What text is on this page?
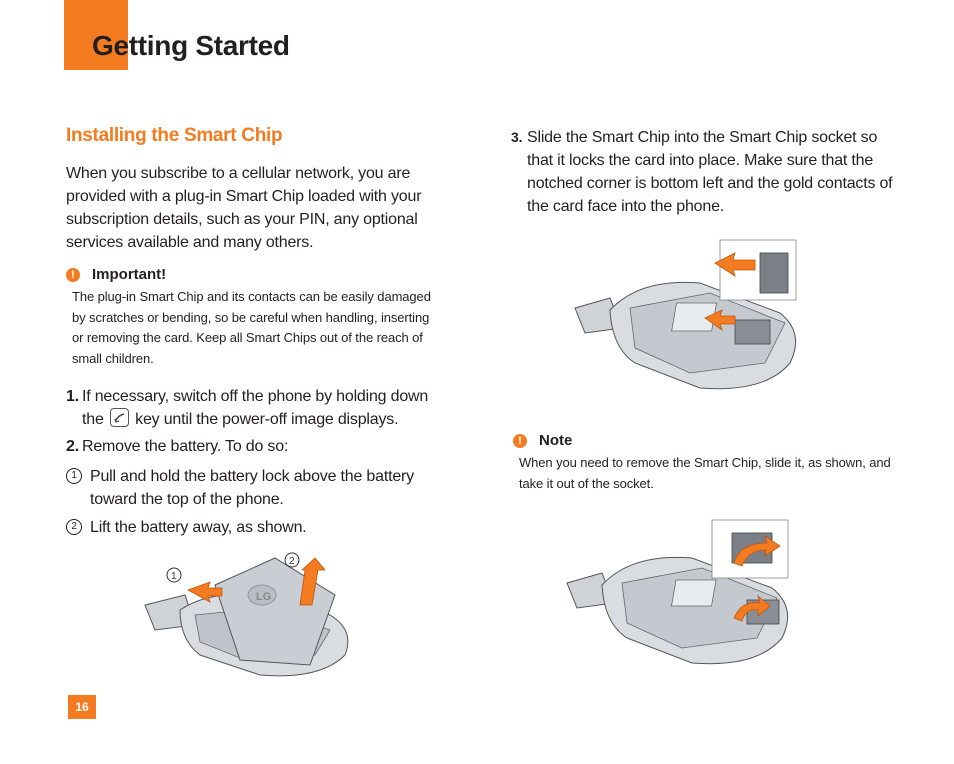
Getting Started
Installing the Smart Chip

When you subscribe to a cellular network, you are provided with a plug-in Smart Chip loaded with your subscription details, such as your PIN, any optional services available and many others.

!	Important!

The plug-in Smart Chip and its contacts can be easily damaged by scratches or bending, so be careful when handling, inserting or removing the card. Keep all Smart Chips out of the reach of small children.

1. If necessary, switch off the phone by holding down the key until the power-off image displays.
2. Remove the battery. To do so:
1 Pull and hold the battery lock above the battery toward the top of the phone.
2 Lift the battery away, as shown.
LG
1
2
3. Slide the Smart Chip into the Smart Chip socket so that it locks the card into place. Make sure that the notched corner is bottom left and the gold contacts of the card face into the phone.
!	Note

When you need to remove the Smart Chip, slide it, as shown, and take it out of the socket.

16
